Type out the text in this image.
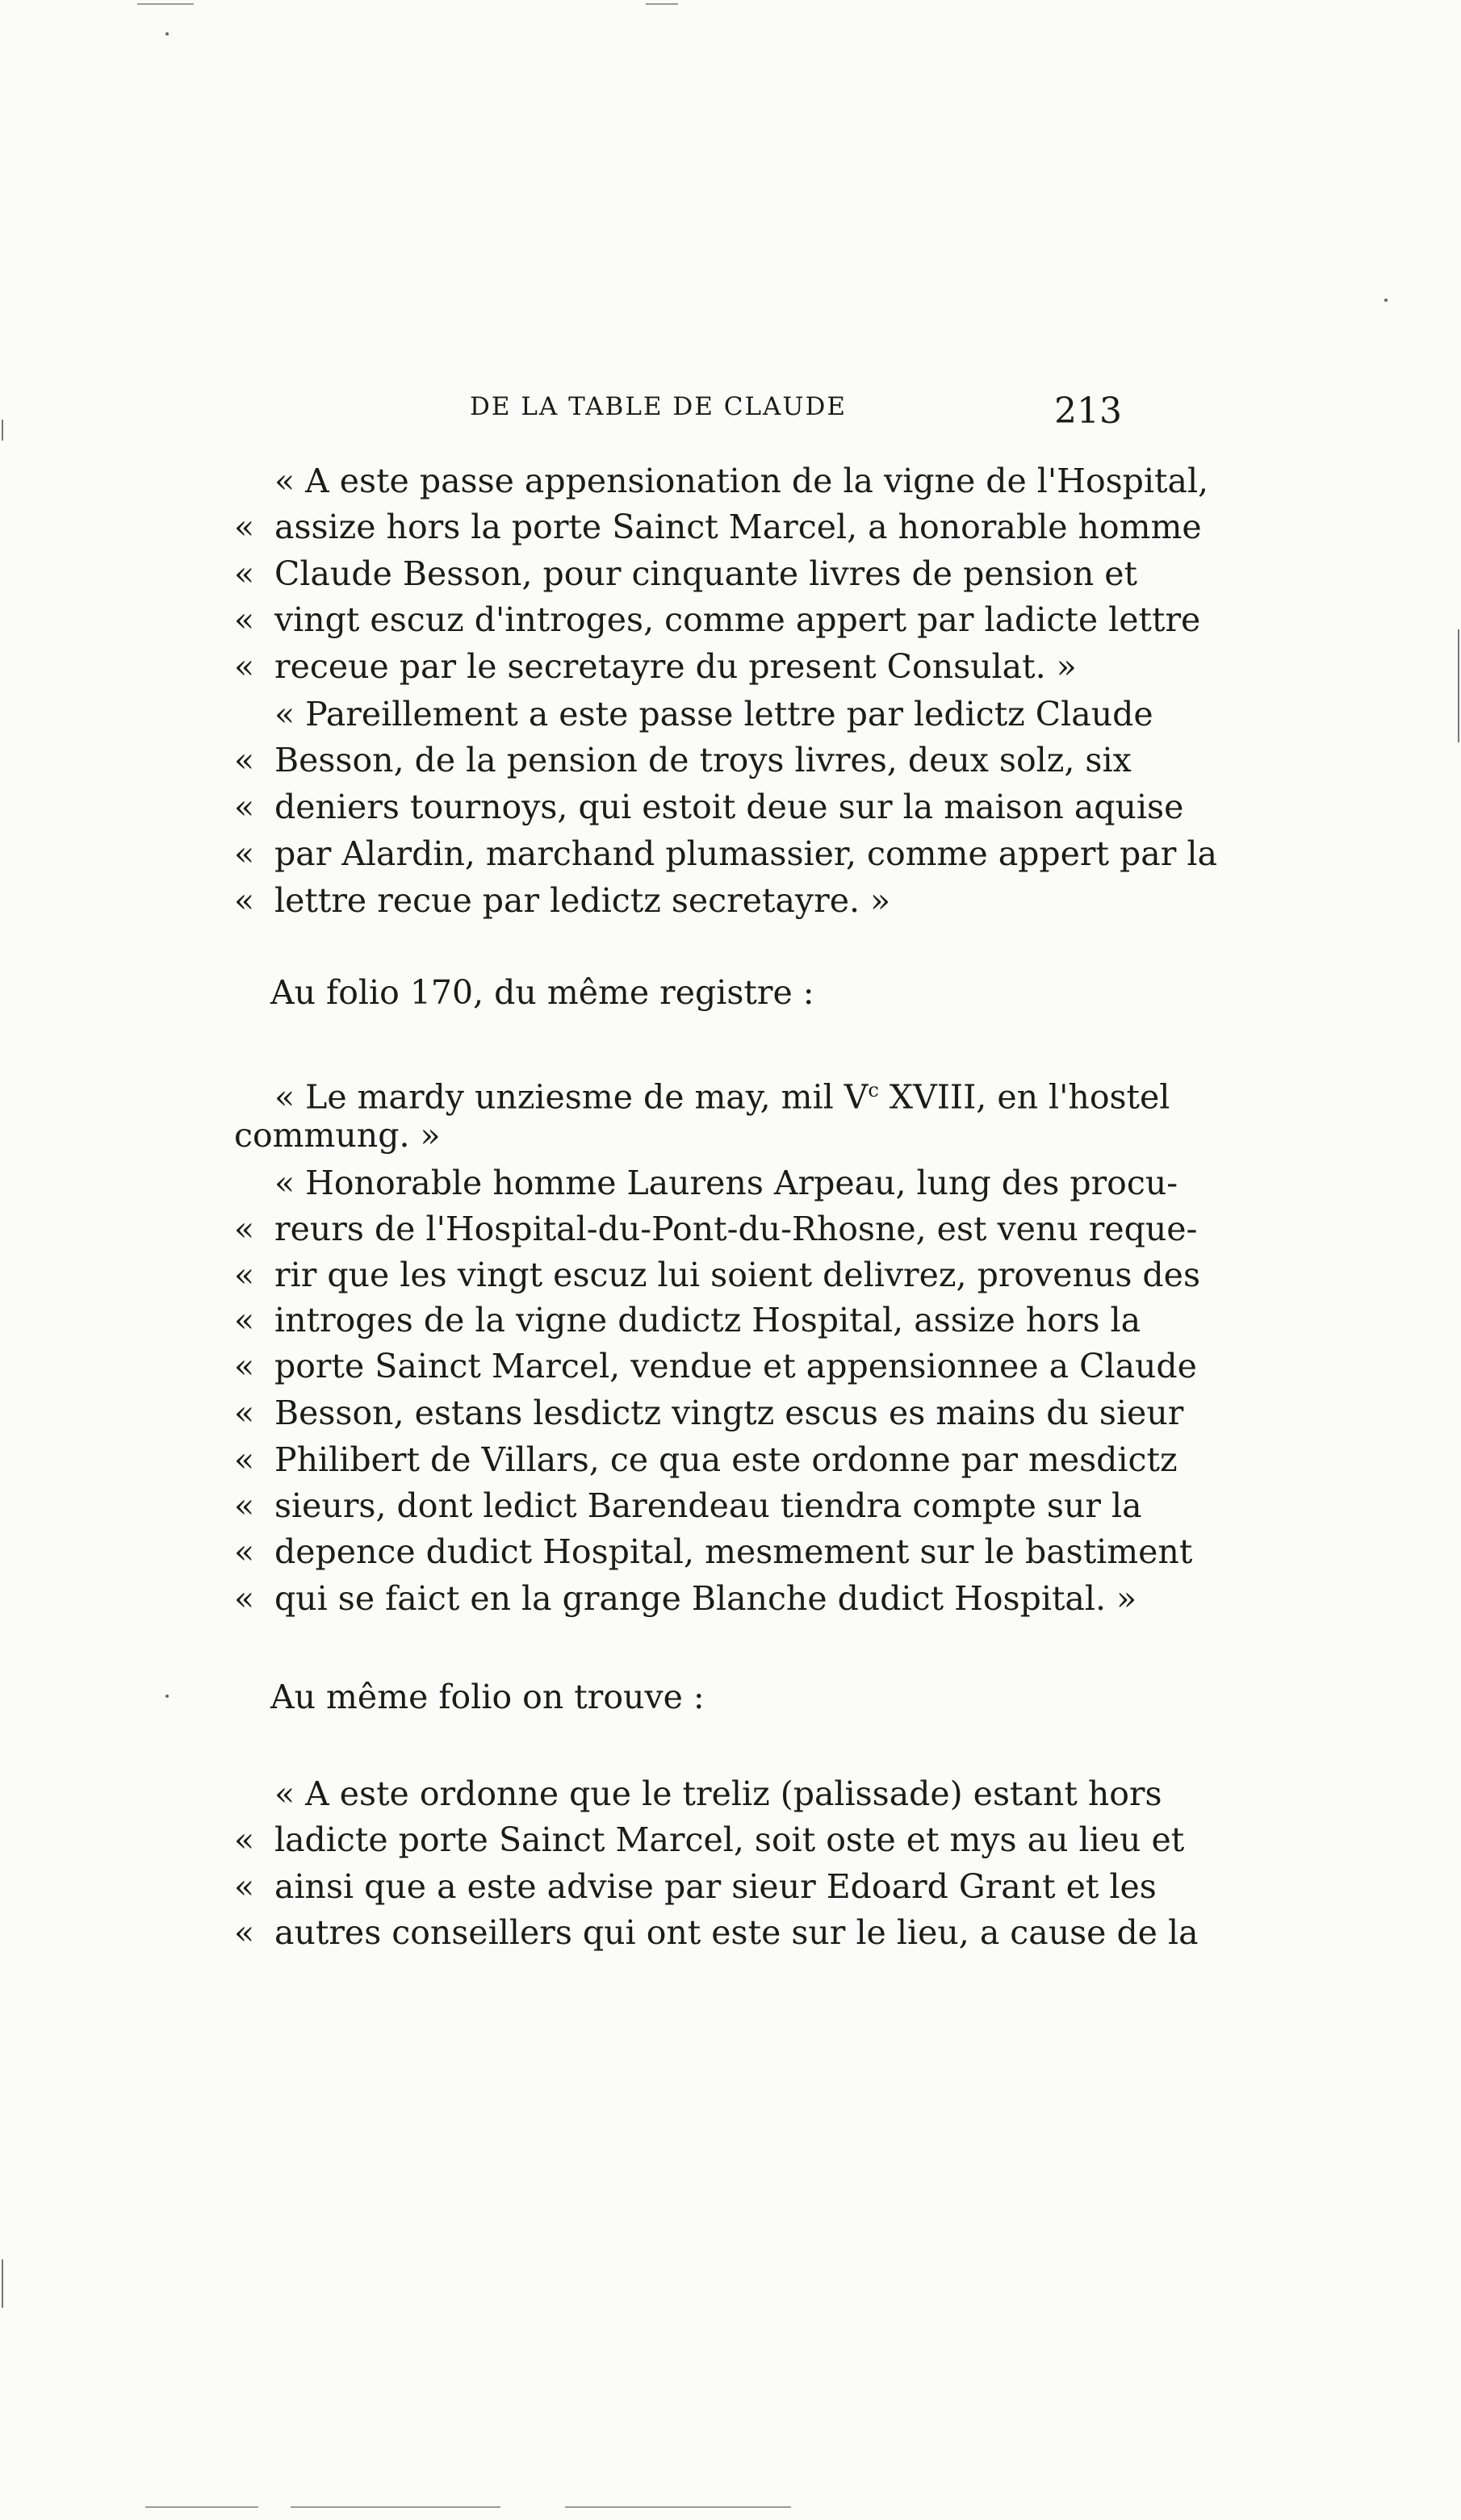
DE LA TABLE DE CLAUDE	213
« A este passe appensionation de la vigne de l'Hospital,
« assize hors la porte Sainct Marcel, a honorable homme
« Claude Besson, pour cinquante livres de pension et
« vingt escuz d'introges, comme appert par ladicte lettre
« receue par le secretayre du present Consulat. »
« Pareillement a este passe lettre par ledictz Claude
« Besson, de la pension de troys livres, deux solz, six
« deniers tournoys, qui estoit deue sur la maison aquise
« par Alardin, marchand plumassier, comme appert par la
« lettre recue par ledictz secretayre. »
Au folio 170, du même registre :
« Le mardy unziesme de may, mil $V^c$ XVIII, en l'hostel
commung. »
« Honorable homme Laurens Arpeau, lung des procu-
« reurs de l'Hospital-du-Pont-du-Rhosne, est venu reque-
« rir que les vingt escuz lui soient delivrez, provenus des
« introges de la vigne dudictz Hospital, assize hors la
« porte Sainct Marcel, vendue et appensionnee a Claude
« Besson, estans lesdictz vingtz escus es mains du sieur
« Philibert de Villars, ce qua este ordonne par mesdictz
« sieurs, dont ledict Barendeau tiendra compte sur la
« depence dudict Hospital, mesmement sur le bastiment
« qui se faict en la grange Blanche dudict Hospital. »
Au même folio on trouve :
« A este ordonne que le treliz (palissade) estant hors
« ladicte porte Sainct Marcel, soit oste et mys au lieu et
« ainsi que a este advise par sieur Edoard Grant et les
« autres conseillers qui ont este sur le lieu, a cause de la
